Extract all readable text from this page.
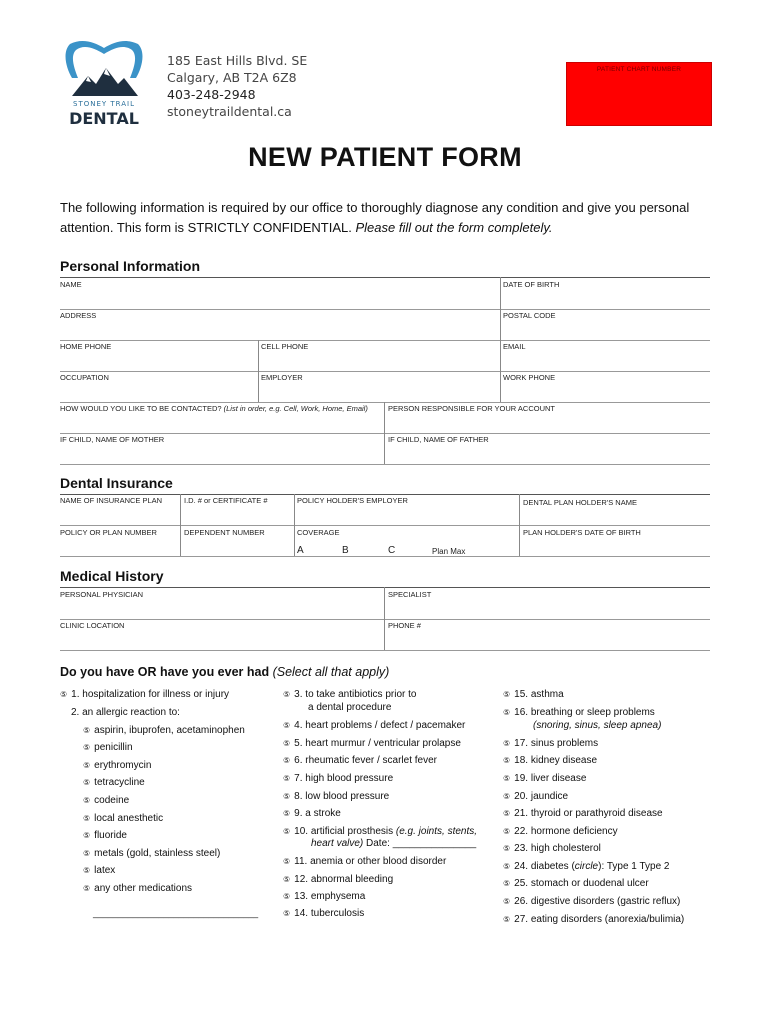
STONEY TRAIL
DENTAL
185 East Hills Blvd. SE
Calgary, AB T2A 6Z8
403-248-2948
stoneytraildental.ca
PATIENT CHART NUMBER
NEW PATIENT FORM
The following information is required by our office to thoroughly diagnose any condition and give you personal
attention. This form is STRICTLY CONFIDENTIAL. Please fill out the form completely.
Personal Information
NAME	DATE OF BIRTH
ADDRESS	POSTAL CODE
HOME PHONE	CELL PHONE	EMAIL
OCCUPATION	EMPLOYER	WORK PHONE
HOW WOULD YOU LIKE TO BE CONTACTED? (List in order, e.g. Cell, Work, Home, Email)	PERSON RESPONSIBLE FOR YOUR ACCOUNT
IF CHILD, NAME OF MOTHER	IF CHILD, NAME OF FATHER
Dental Insurance
NAME OF INSURANCE PLAN	I.D. # or CERTIFICATE #	POLICY HOLDER'S EMPLOYER	DENTAL PLAN HOLDER'S NAME
POLICY OR PLAN NUMBER	DEPENDENT NUMBER	COVERAGE	PLAN HOLDER'S DATE OF BIRTH
A	B	C	Plan Max
Medical History
PERSONAL PHYSICIAN	SPECIALIST
CLINIC LOCATION	PHONE #
Do you have OR have you ever had (Select all that apply)
⑤ 1. hospitalization for illness or injury
2. an allergic reaction to:
⑤ aspirin, ibuprofen, acetaminophen
⑤ penicillin
⑤ erythromycin
⑤ tetracycline
⑤ codeine
⑤ local anesthetic
⑤ fluoride
⑤ metals (gold, stainless steel)
⑤ latex
⑤ any other medications
_________________________________
⑤ 3. to take antibiotics prior to
a dental procedure
⑤ 4. heart problems / defect / pacemaker
⑤ 5. heart murmur / ventricular prolapse
⑤ 6. rheumatic fever / scarlet fever
⑤ 7. high blood pressure
⑤ 8. low blood pressure
⑤ 9. a stroke
⑤ 10. artificial prosthesis (e.g. joints, stents,
heart valve) Date: _______________
⑤ 11. anemia or other blood disorder
⑤ 12. abnormal bleeding
⑤ 13. emphysema
⑤ 14. tuberculosis
⑤ 15. asthma
⑤ 16. breathing or sleep problems
(snoring, sinus, sleep apnea)
⑤ 17. sinus problems
⑤ 18. kidney disease
⑤ 19. liver disease
⑤ 20. jaundice
⑤ 21. thyroid or parathyroid disease
⑤ 22. hormone deficiency
⑤ 23. high cholesterol
⑤ 24. diabetes (circle): Type 1 Type 2
⑤ 25. stomach or duodenal ulcer
⑤ 26. digestive disorders (gastric reflux)
⑤ 27. eating disorders (anorexia/bulimia)
